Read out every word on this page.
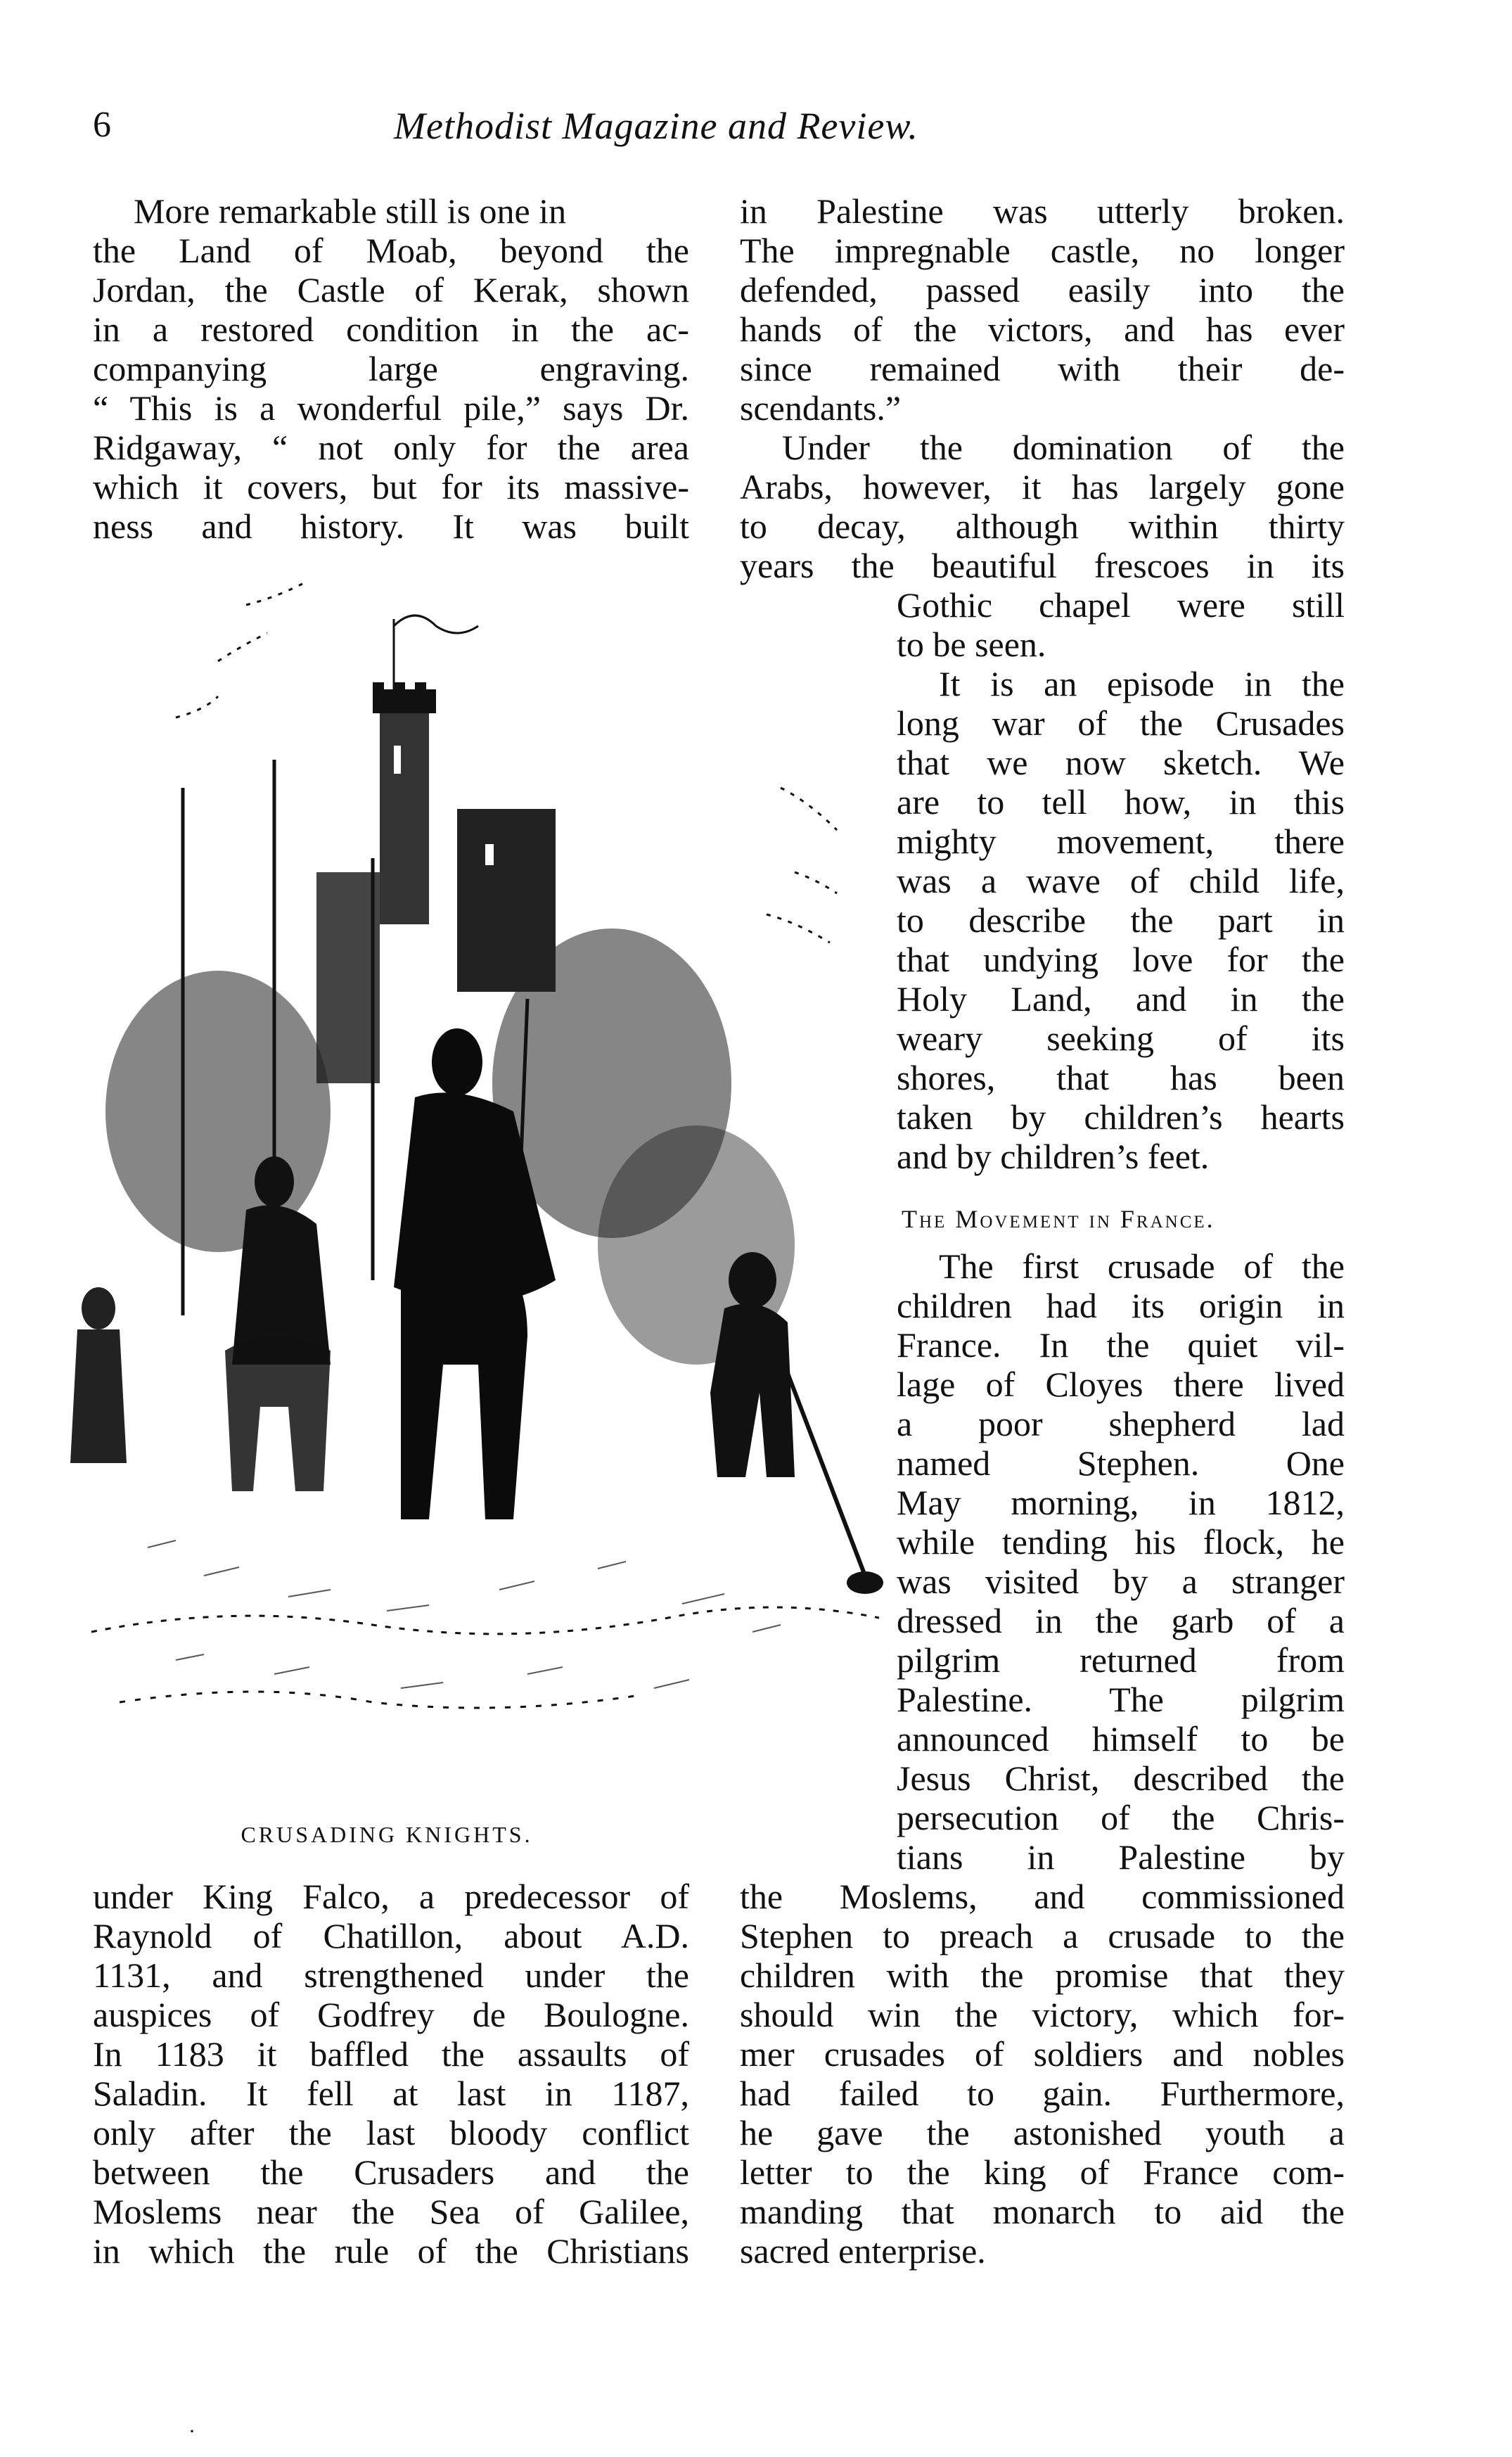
6	Methodist Magazine and Review.
More remarkable still is one in
the Land of Moab, beyond the
Jordan, the Castle of Kerak, shown
in a restored condition in the ac-
companying large engraving.
“ This is a wonderful pile,” says Dr.
Ridgaway, “ not only for the area
which it covers, but for its massive-
ness and history. It was built
in Palestine was utterly broken.
The impregnable castle, no longer
defended, passed easily into the
hands of the victors, and has ever
since remained with their de-
scendants.”
Under the domination of the
Arabs, however, it has largely gone
to decay, although within thirty
years the beautiful frescoes in its
Gothic chapel were still
to be seen.
It is an episode in the
long war of the Crusades
that we now sketch. We
are to tell how, in this
mighty movement, there
was a wave of child life,
to describe the part in
that undying love for the
Holy Land, and in the
weary seeking of its
shores, that has been
taken by children’s hearts
and by children’s feet.
The Movement in France.
The first crusade of the
children had its origin in
France. In the quiet vil-
lage of Cloyes there lived
a poor shepherd lad
named Stephen. One
May morning, in 1812,
while tending his flock, he
was visited by a stranger
dressed in the garb of a
pilgrim returned from
Palestine. The pilgrim
announced himself to be
Jesus Christ, described the
persecution of the Chris-
tians in Palestine by
the Moslems, and commissioned
Stephen to preach a crusade to the
children with the promise that they
should win the victory, which for-
mer crusades of soldiers and nobles
had failed to gain. Furthermore,
he gave the astonished youth a
letter to the king of France com-
manding that monarch to aid the
sacred enterprise.
under King Falco, a predecessor of
Raynold of Chatillon, about A.D.
1131, and strengthened under the
auspices of Godfrey de Boulogne.
In 1183 it baffled the assaults of
Saladin. It fell at last in 1187,
only after the last bloody conflict
between the Crusaders and the
Moslems near the Sea of Galilee,
in which the rule of the Christians
CRUSADING KNIGHTS.
·
